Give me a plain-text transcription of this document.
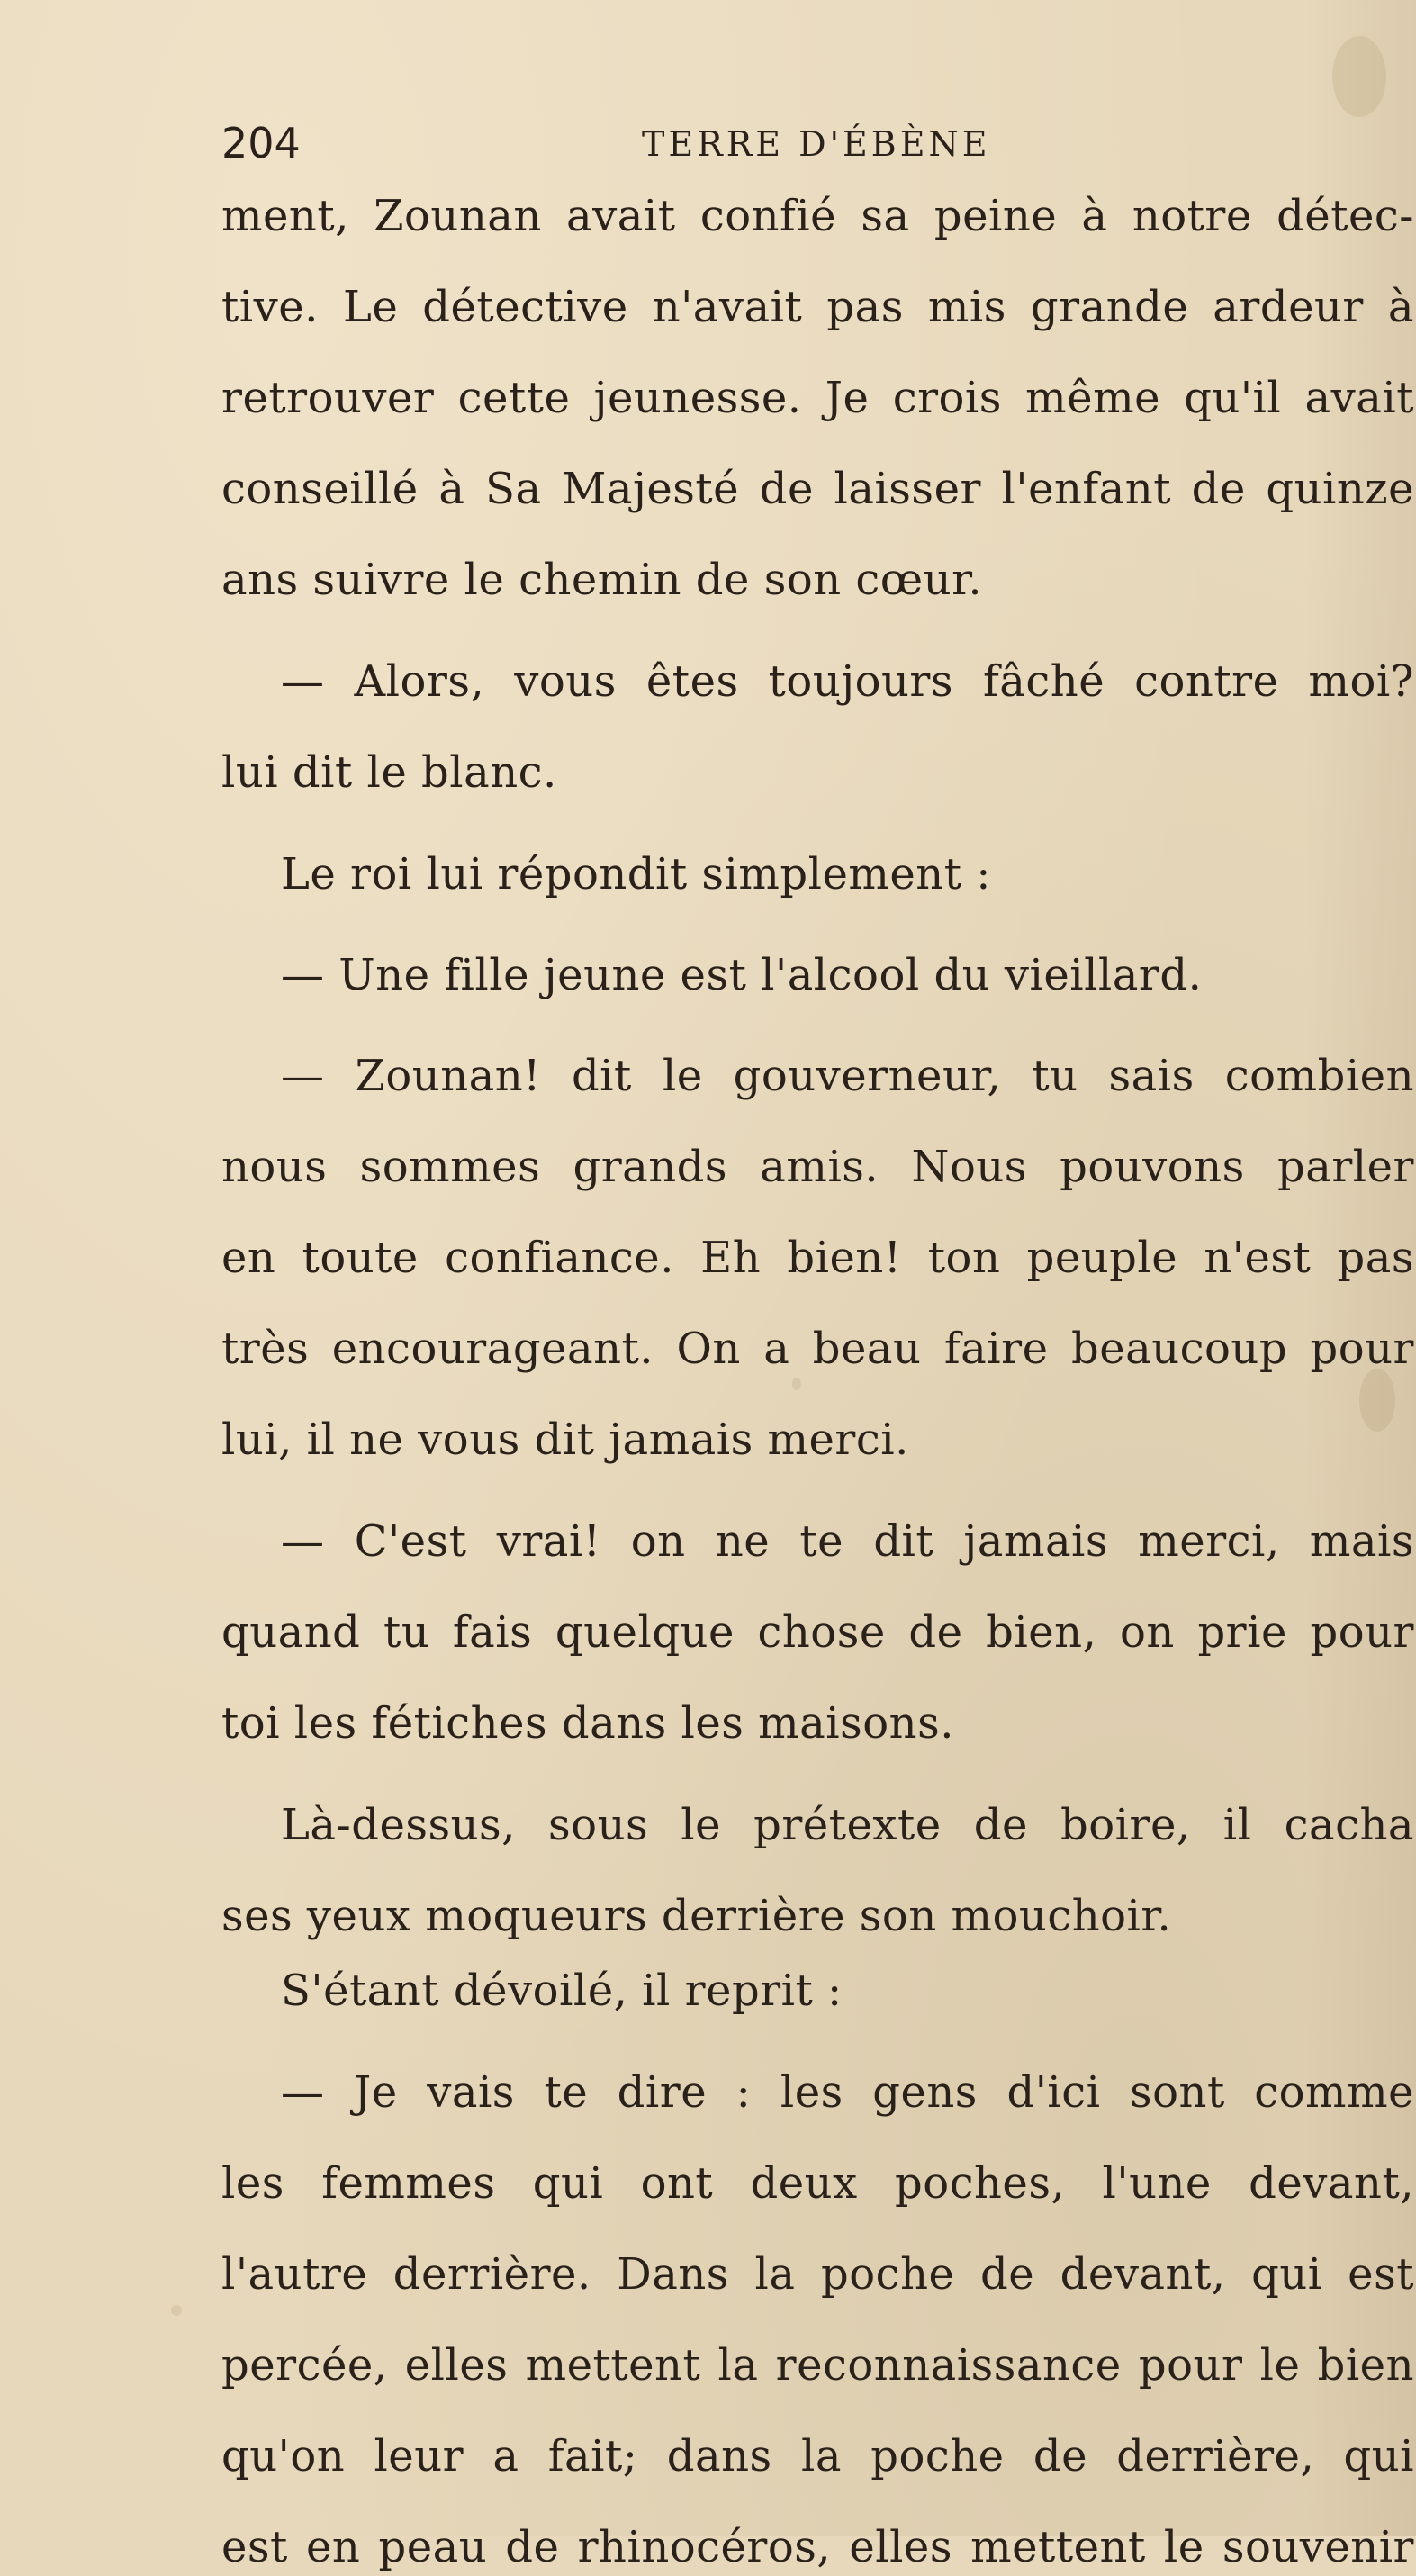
204	TERRE D'ÉBÈNE
ment, Zounan avait confié sa peine à notre détec-
tive. Le détective n'avait pas mis grande ardeur à
retrouver cette jeunesse. Je crois même qu'il avait
conseillé à Sa Majesté de laisser l'enfant de quinze
ans suivre le chemin de son cœur.
— Alors, vous êtes toujours fâché contre moi?
lui dit le blanc.
Le roi lui répondit simplement :
— Une fille jeune est l'alcool du vieillard.
— Zounan! dit le gouverneur, tu sais combien
nous sommes grands amis. Nous pouvons parler
en toute confiance. Eh bien! ton peuple n'est pas
très encourageant. On a beau faire beaucoup pour
lui, il ne vous dit jamais merci.
— C'est vrai! on ne te dit jamais merci, mais
quand tu fais quelque chose de bien, on prie pour
toi les fétiches dans les maisons.
Là-dessus, sous le prétexte de boire, il cacha
ses yeux moqueurs derrière son mouchoir.
S'étant dévoilé, il reprit :
— Je vais te dire : les gens d'ici sont comme
les femmes qui ont deux poches, l'une devant,
l'autre derrière. Dans la poche de devant, qui est
percée, elles mettent la reconnaissance pour le bien
qu'on leur a fait; dans la poche de derrière, qui
est en peau de rhinocéros, elles mettent le souvenir
